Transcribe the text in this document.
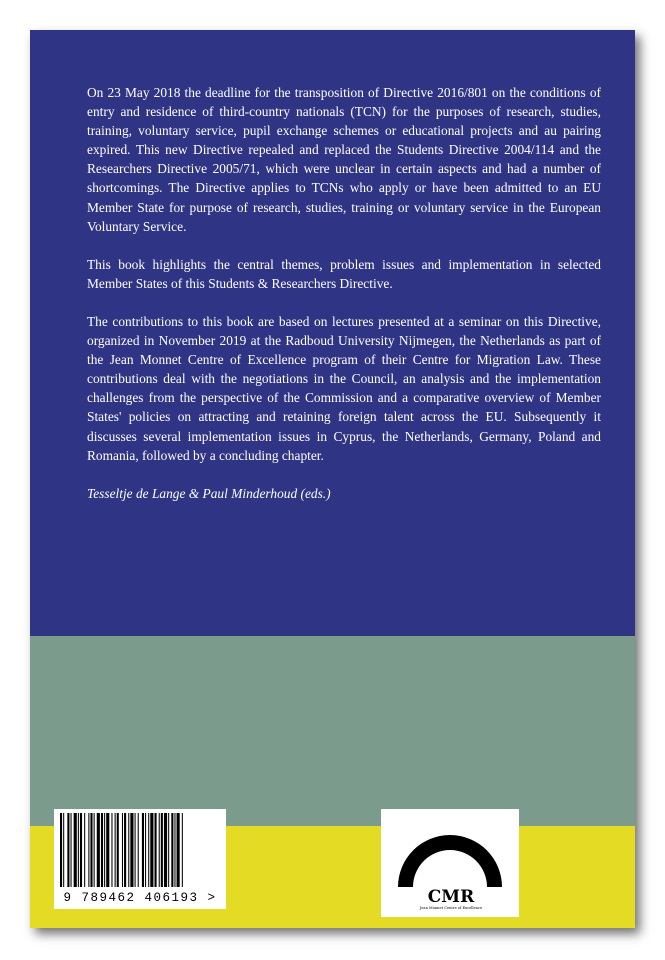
On 23 May 2018 the deadline for the transposition of Directive 2016/801 on the conditions of entry and residence of third-country nationals (TCN) for the purposes of research, studies, training, voluntary service, pupil exchange schemes or educational projects and au pairing expired. This new Directive repealed and replaced the Students Directive 2004/114 and the Researchers Directive 2005/71, which were unclear in certain aspects and had a number of shortcomings. The Directive applies to TCNs who apply or have been admitted to an EU Member State for purpose of research, studies, training or voluntary service in the European Voluntary Service.

This book highlights the central themes, problem issues and implementation in selected Member States of this Students & Researchers Directive.

The contributions to this book are based on lectures presented at a seminar on this Directive, organized in November 2019 at the Radboud University Nijmegen, the Netherlands as part of the Jean Monnet Centre of Excellence program of their Centre for Migration Law. These contributions deal with the negotiations in the Council, an analysis and the implementation challenges from the perspective of the Commission and a comparative overview of Member States' policies on attracting and retaining foreign talent across the EU. Subsequently it discusses several implementation issues in Cyprus, the Netherlands, Germany, Poland and Romania, followed by a concluding chapter.

Tesseltje de Lange & Paul Minderhoud (eds.)

9 789462 406193 >	CMR
Jean Monnet Centre of Excellence
